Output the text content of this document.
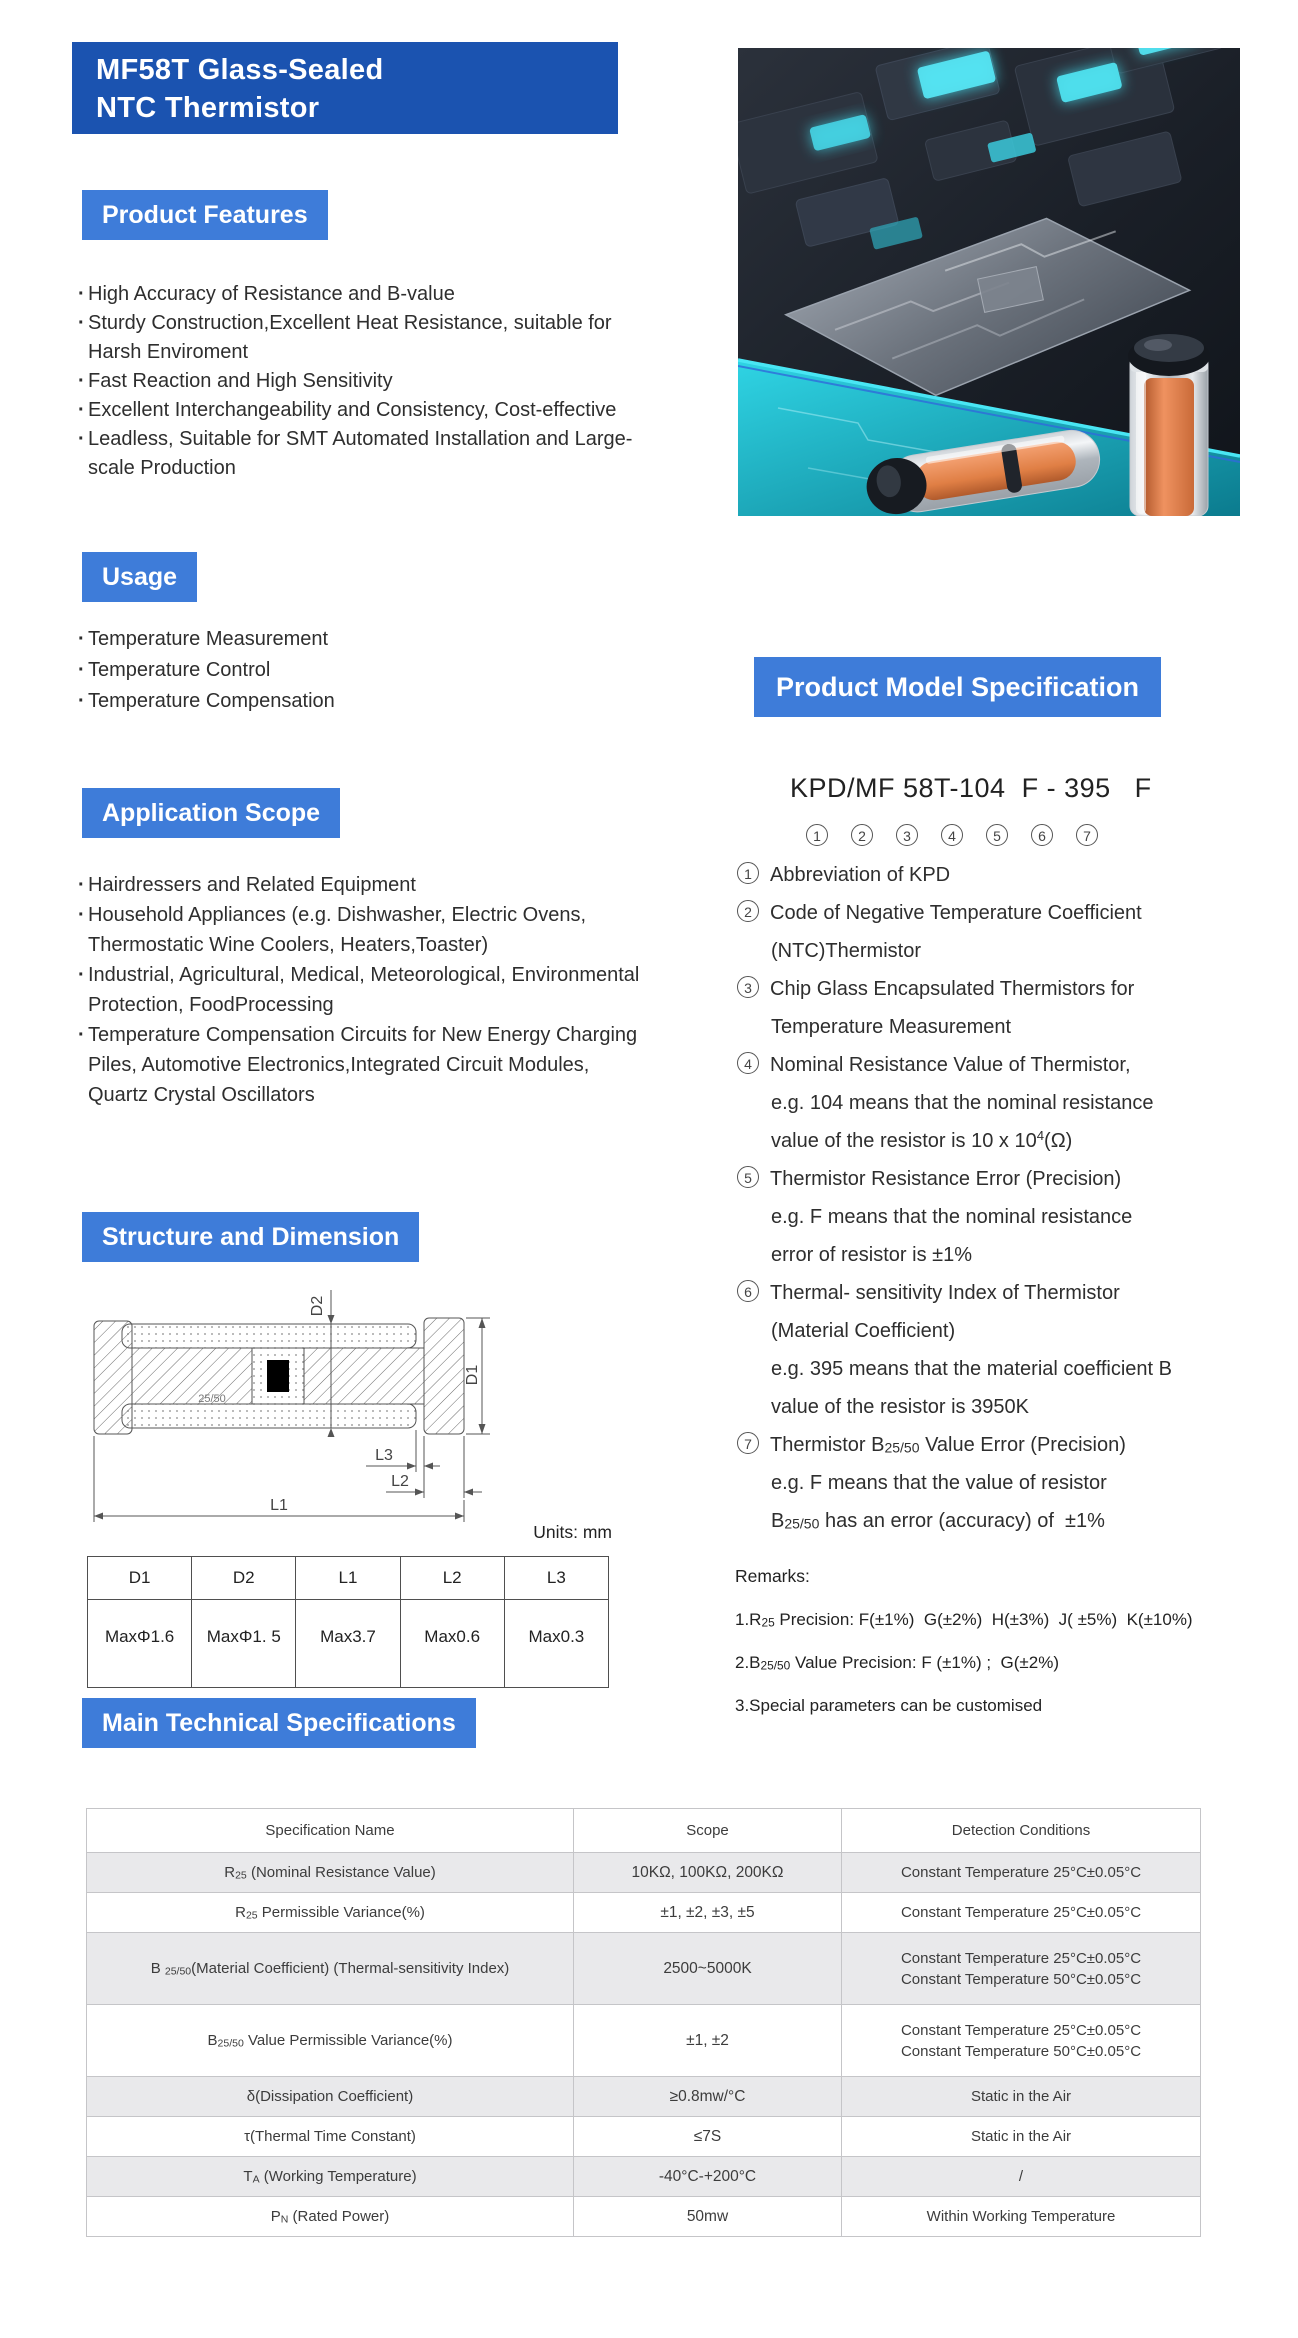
MF58T Glass-Sealed
NTC Thermistor
Product Features
· High Accuracy of Resistance and B-value
· Sturdy Construction,Excellent Heat Resistance, suitable for Harsh Enviroment
· Fast Reaction and High Sensitivity
· Excellent Interchangeability and Consistency, Cost-effective
· Leadless, Suitable for SMT Automated Installation and Large-scale Production
Usage
· Temperature Measurement
· Temperature Control
· Temperature Compensation
Application Scope
· Hairdressers and Related Equipment
· Household Appliances (e.g. Dishwasher, Electric Ovens, Thermostatic Wine Coolers, Heaters,Toaster)
· Industrial, Agricultural, Medical, Meteorological, Environmental Protection, FoodProcessing
· Temperature Compensation Circuits for New Energy Charging Piles, Automotive Electronics,Integrated Circuit Modules, Quartz Crystal Oscillators
Product Model Specification
KPD/MF 58T-104  F - 395   F
1	2	3	4	5	6	7
1 Abbreviation of KPD
2 Code of Negative Temperature Coefficient
(NTC)Thermistor
3 Chip Glass Encapsulated Thermistors for
Temperature Measurement
4 Nominal Resistance Value of Thermistor,
e.g. 104 means that the nominal resistance
value of the resistor is 10 x $10^4(\Omega)$
5 Thermistor Resistance Error (Precision)
e.g. F means that the nominal resistance
error of resistor is ±1%
6 Thermal- sensitivity Index of Thermistor
(Material Coefficient)
e.g. 395 means that the material coefficient B
value of the resistor is 3950K
7 Thermistor $B_{25/50}$ Value Error (Precision)
e.g. F means that the value of resistor
$B_{25/50}$ has an error (accuracy) of  ±1%
Remarks:
$1.R_{25}$ Precision: F(±1%)  G(±2%)  H(±3%)  J( ±5%)  K(±10%)
$2.B_{25/50}$ Value Precision: F (±1%) ;  G(±2%)
3.Special parameters can be customised
Structure and Dimension
25/50
D2
D1
L3
L2
L1
Units: mm
D1	D2	L1	L2	L3
MaxΦ1.6	MaxΦ1. 5	Max3.7	Max0.6	Max0.3
Main Technical Specifications
Specification Name	Scope	Detection Conditions
$R_{25}$ (Nominal Resistance Value)	10KΩ, 100KΩ, 200KΩ	Constant Temperature 25°C±0.05°C

$R_{25}$ Permissible Variance(%)	±1, ±2, ±3, ±5	Constant Temperature 25°C±0.05°C

B $_{25/50}$(Material Coefficient) (Thermal-sensitivity Index)	2500~5000K	Constant Temperature 25°C±0.05°C
Constant Temperature 50°C±0.05°C

$B_{25/50}$ Value Permissible Variance(%)	±1, ±2	Constant Temperature 25°C±0.05°C
Constant Temperature 50°C±0.05°C

δ(Dissipation Coefficient)	≥0.8mw/°C	Static in the Air

τ(Thermal Time Constant)	≤7S	Static in the Air

$T_A$ (Working Temperature)	-40°C-+200°C	/

$P_N$ (Rated Power)	50mw	Within Working Temperature
